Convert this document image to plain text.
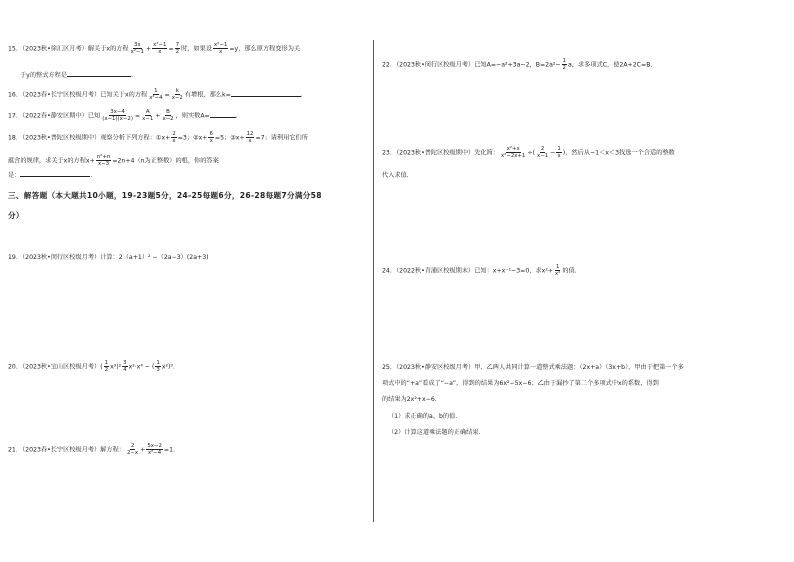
15．（2023秋•徐汇区月考）解关于x的方程 $\frac{3x}{\text{x²−1}} + \frac{\text{x²−1}}{x} = \frac{7}{2}$ 时，如果设 $\frac{\text{x²−1}}{x} =y$，那么原方程变形为关
于y的整式方程是	.
16．（2023春•长宁区校级月考）已知关于x的方程 $\frac{1}{\text{x²−4}} = \frac{k}{x-2}$ 有增根，那么k=	.
17．（2022春•静安区期中）已知 $\frac{3x-4}{(x-1)(x-2)} = \frac{A}{x-1} + \frac{B}{x-2}$ ，则实数A=	.
18．（2023秋•普陀区校级期中）观察分析下列方程：①x+ $\frac{2}{x} =3$；②x+ $\frac{6}{x} =5$；③x+ $\frac{12}{x} =7$；请利用它们所
蕴含的规律，求关于x的方程$x+ \frac{\text{n²+n}}{x-3} =2n+4(n$为正整数）的根，你的答案
是：	.
三、解答题（本大题共10小题，19-23题5分，24-25每题6分，26-28每题7分满分58
分）
19．（2023秋•闵行区校级月考）计算：2（a+1）² −（2a−3）(2a+3)
20．（2023秋•宝山区校级月考）( $\frac{1}{2} x^3)^2 \frac{3}{4} x^2\cdot x^4$ − ( $\frac{1}{3} x^2)^3$.
21．（2023春•长宁区校级月考）解方程： $\frac{2}{2-x} + \frac{5x-2}{\text{x²−4}} =1$.
22．（2023秋•闵行区校级月考）已知A=−a²+3a−2，$B=2a^2- \frac{1}{2}$ a，求多项式C，使2A+2C=B.
23．（2023秋•普陀区校级期中）先化简： $\frac{\text{x²+x}}{\text{x²−2x+1}}$ ÷( $\frac{2}{x-1} - \frac{1}{x}$ )，然后从−1＜x＜3找选一个合适的整数
代入求值.
24．（2022秋•青浦区校级期末）已知：x+x⁻¹−3=0，求$x^2+ \frac{1}{\text{x²}}$ 的值.
25．（2023秋•静安区校级月考）甲、乙两人共同计算一道整式乘法题：（2x+a）（3x+b），甲由于把第一个多
项式中的“+a”看成了“−a”，得到的结果为6x²−5x−6；乙由于漏抄了第二个多项式中x的系数，得到
的结果为2x²+x−6.
（1）求正确的a、b的值.
（2）计算这道乘法题的正确结果.
